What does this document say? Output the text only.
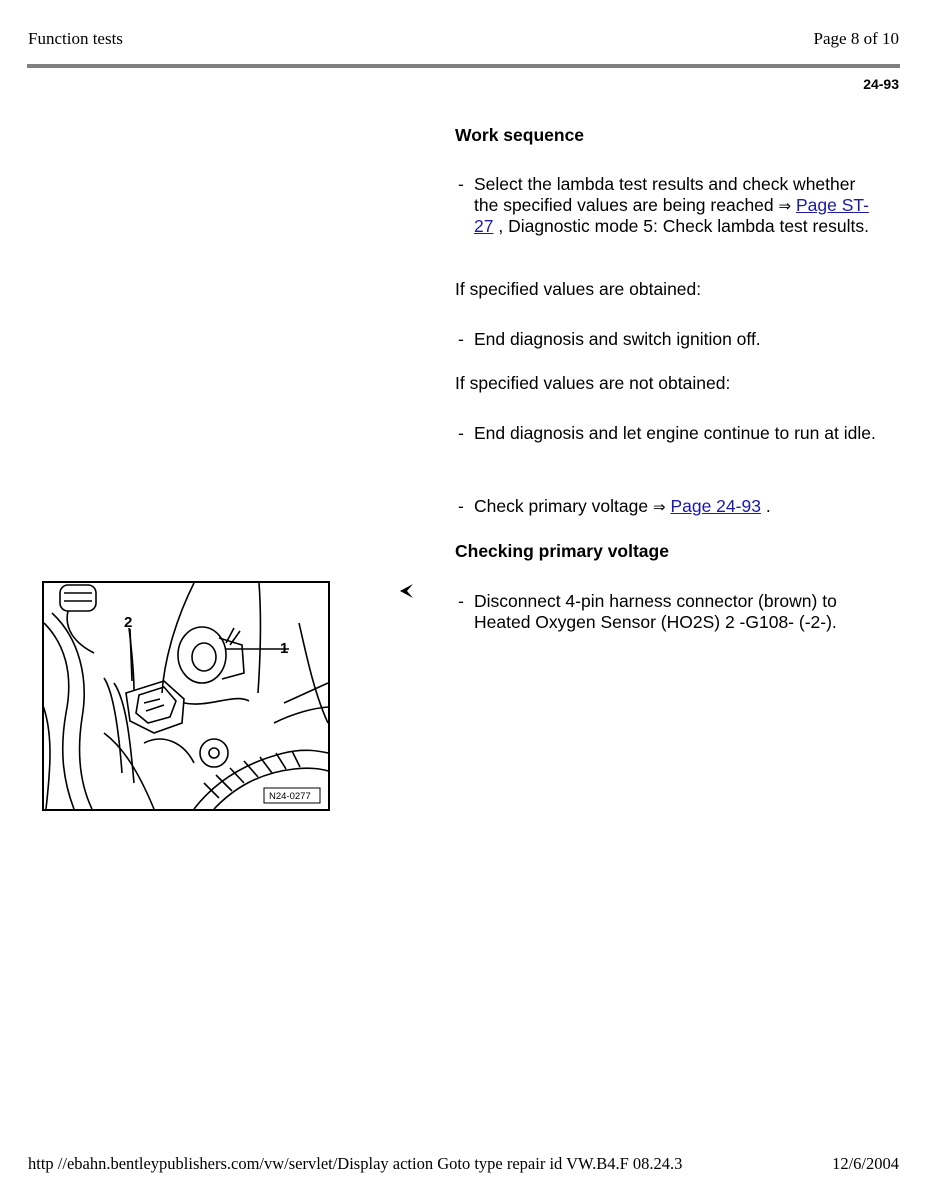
Function tests	Page 8 of 10
24-93
Work sequence
- Select the lambda test results and check whether the specified values are being reached ⇒ Page ST-27 , Diagnostic mode 5: Check lambda test results.
If specified values are obtained:
- End diagnosis and switch ignition off.
If specified values are not obtained:
- End diagnosis and let engine continue to run at idle.
- Check primary voltage ⇒ Page 24-93 .
Checking primary voltage
- Disconnect 4-pin harness connector (brown) to Heated Oxygen Sensor (HO2S) 2 -G108- (-2-).
1
2
N24-0277
http //ebahn.bentleypublishers.com/vw/servlet/Display action Goto type repair id VW.B4.F 08.24.3	12/6/2004
